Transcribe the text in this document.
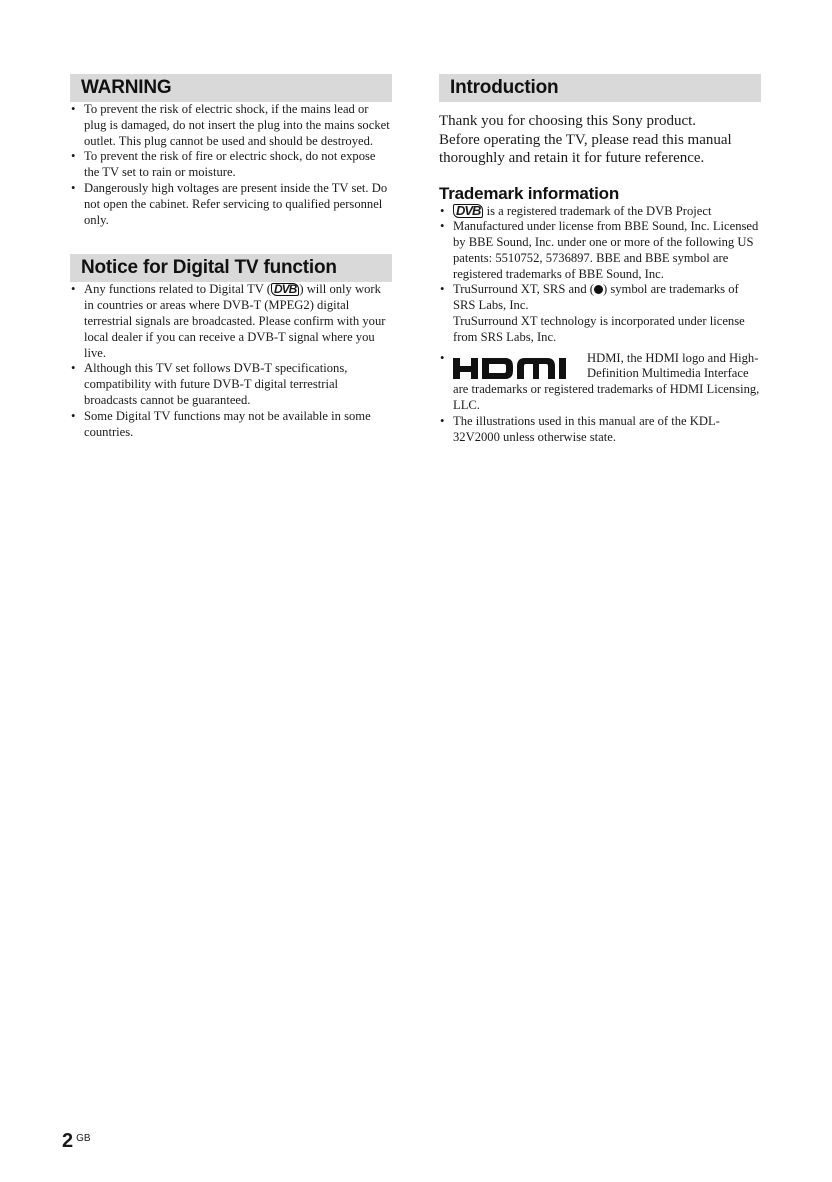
WARNING
• To prevent the risk of electric shock, if the mains lead or plug is damaged, do not insert the plug into the mains socket outlet. This plug cannot be used and should be destroyed.
• To prevent the risk of fire or electric shock, do not expose the TV set to rain or moisture.
• Dangerously high voltages are present inside the TV set. Do not open the cabinet. Refer servicing to qualified personnel only.
Notice for Digital TV function
• Any functions related to Digital TV ( DVB ) will only work in countries or areas where DVB-T (MPEG2) digital terrestrial signals are broadcasted. Please confirm with your local dealer if you can receive a DVB-T signal where you live.
• Although this TV set follows DVB-T specifications, compatibility with future DVB-T digital terrestrial broadcasts cannot be guaranteed.
• Some Digital TV functions may not be available in some countries.
Introduction
Thank you for choosing this Sony product.
Before operating the TV, please read this manual thoroughly and retain it for future reference.
Trademark information
• DVB is a registered trademark of the DVB Project
• Manufactured under license from BBE Sound, Inc. Licensed by BBE Sound, Inc. under one or more of the following US patents: 5510752, 5736897. BBE and BBE symbol are registered trademarks of BBE Sound, Inc.
• TruSurround XT, SRS and ( ) symbol are trademarks of SRS Labs, Inc.
TruSurround XT technology is incorporated under license from SRS Labs, Inc.
• HDMI, the HDMI logo and High-Definition Multimedia Interface are trademarks or registered trademarks of HDMI Licensing, LLC.
• The illustrations used in this manual are of the KDL-32V2000 unless otherwise state.
2 $^{GB}$
